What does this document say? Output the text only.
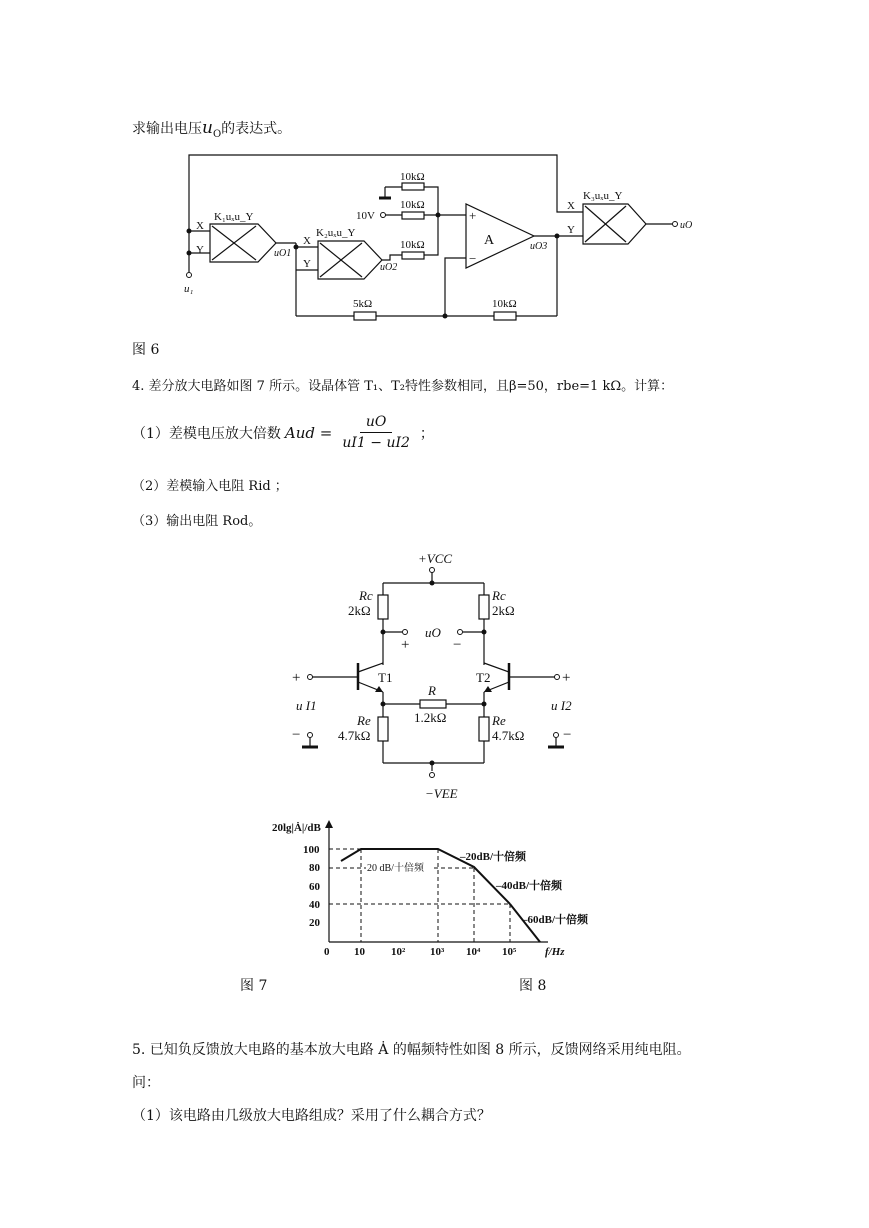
求输出电压$u_O$的表达式。
K₁uₓu_Y
K₂uₓu_Y
K₃uₓu_Y
X
Y
X
Y
X
Y
u₁
uO1
uO2
uO3
uO
A
+
−
10V
10kΩ
10kΩ
10kΩ
5kΩ	10kΩ
图 6
4. 差分放大电路如图 7 所示。设晶体管 T₁、T₂特性参数相同，且β=50，rbe=1 kΩ。计算：
（1）差模电压放大倍数 Aud = $\frac{uO}{uI1 - uI2}$ ；
（2）差模输入电阻 Rid ；
（3）输出电阻 Rod。
+VCC
−VEE
Rc
2kΩ
Rc
2kΩ
Re
4.7kΩ
Re
4.7kΩ
R
1.2kΩ
T1	T2
uO
+	−
+	+
u I1	u I2
−	−
20lg|Ȧ|/dB
100
80
60
40
20
0 10 10² 10³ 10⁴ 10⁵	f/Hz
–20dB/十倍频
–40dB/十倍频
–60dB/十倍频
20 dB/十倍频
图 7	图 8
5. 已知负反馈放大电路的基本放大电路 Ȧ 的幅频特性如图 8 所示，反馈网络采用纯电阻。
问：
（1）该电路由几级放大电路组成？采用了什么耦合方式？
